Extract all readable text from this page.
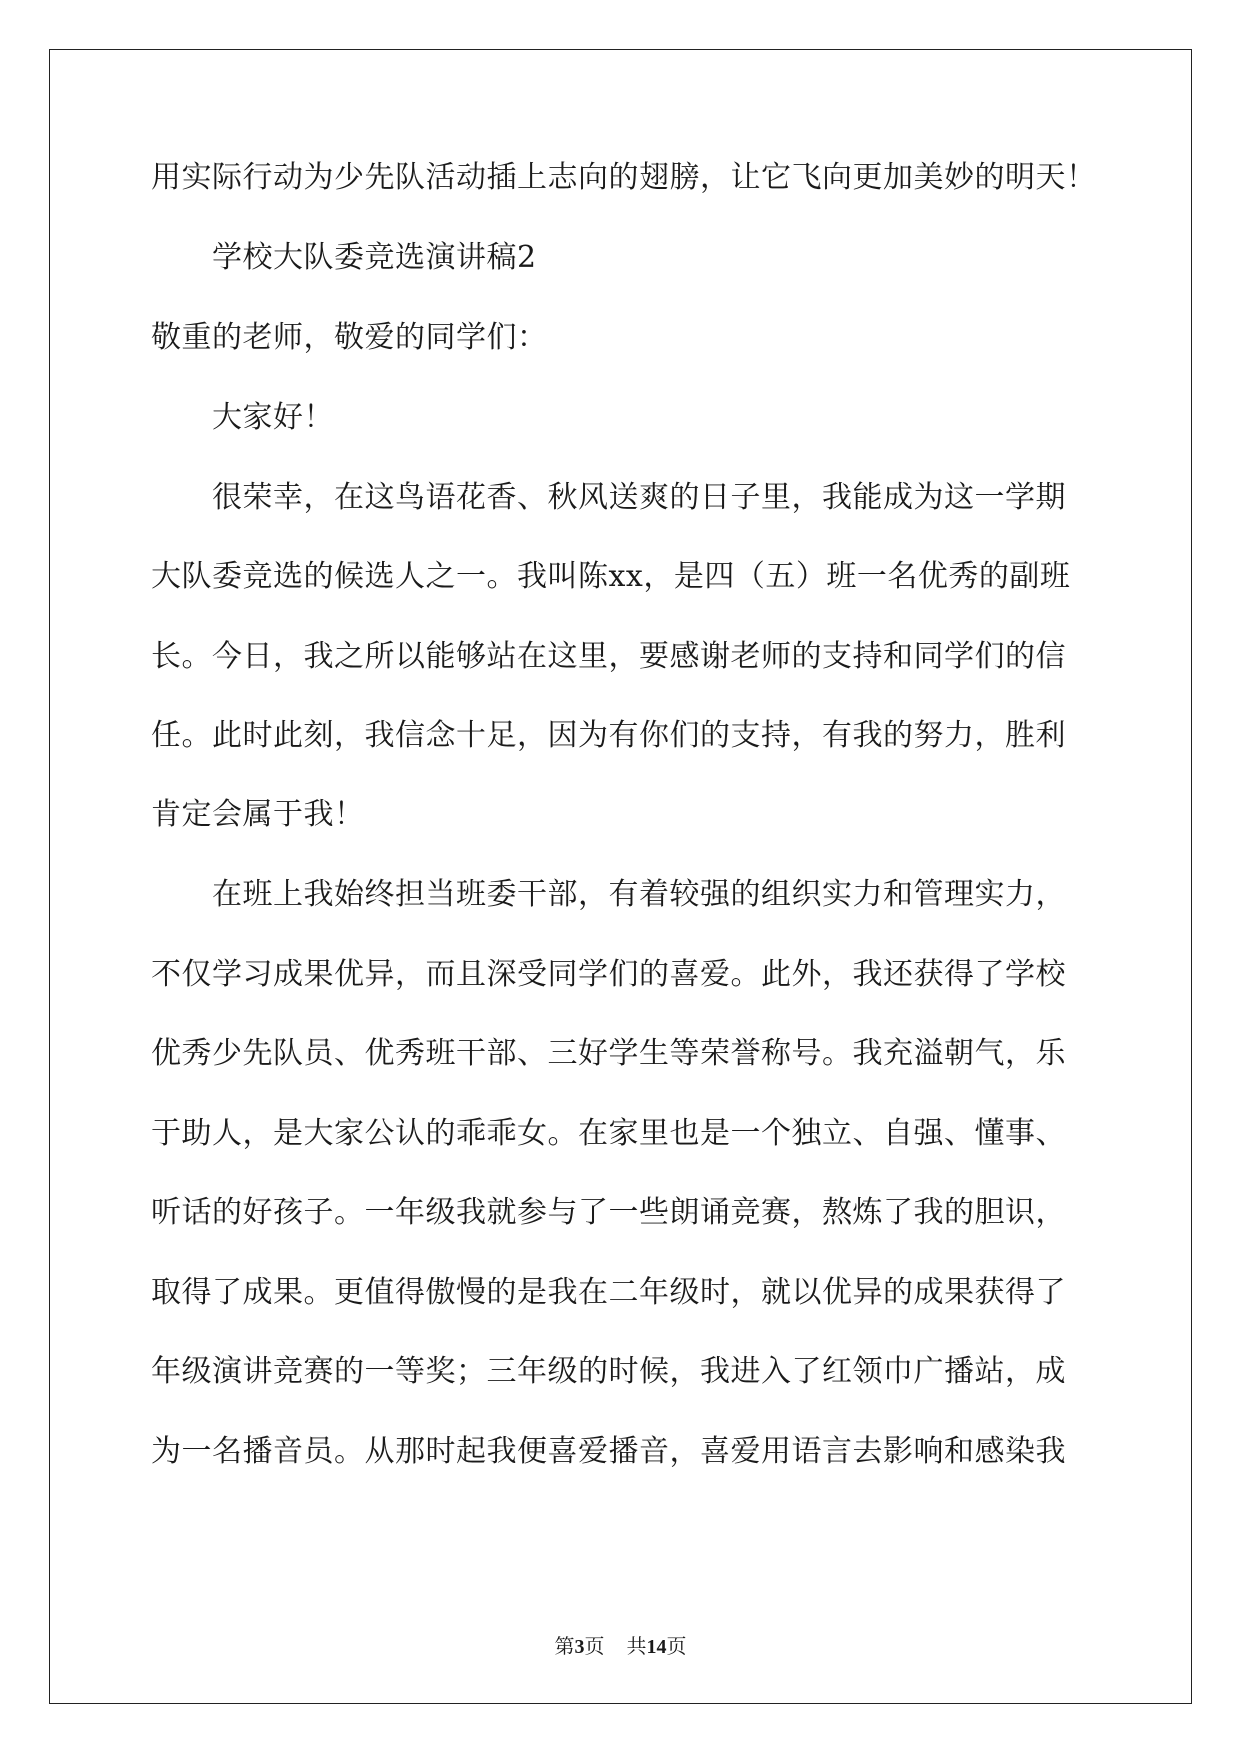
用实际行动为少先队活动插上志向的翅膀，让它飞向更加美妙的明天！
学校大队委竞选演讲稿2
敬重的老师，敬爱的同学们：
大家好！
很荣幸，在这鸟语花香、秋风送爽的日子里，我能成为这一学期
大队委竞选的候选人之一。我叫陈xx，是四（五）班一名优秀的副班
长。今日，我之所以能够站在这里，要感谢老师的支持和同学们的信
任。此时此刻，我信念十足，因为有你们的支持，有我的努力，胜利
肯定会属于我！
在班上我始终担当班委干部，有着较强的组织实力和管理实力，
不仅学习成果优异，而且深受同学们的喜爱。此外，我还获得了学校
优秀少先队员、优秀班干部、三好学生等荣誉称号。我充溢朝气，乐
于助人，是大家公认的乖乖女。在家里也是一个独立、自强、懂事、
听话的好孩子。一年级我就参与了一些朗诵竞赛，熬炼了我的胆识，
取得了成果。更值得傲慢的是我在二年级时，就以优异的成果获得了
年级演讲竞赛的一等奖；三年级的时候，我进入了红领巾广播站，成
为一名播音员。从那时起我便喜爱播音，喜爱用语言去影响和感染我
第3页 共14页
